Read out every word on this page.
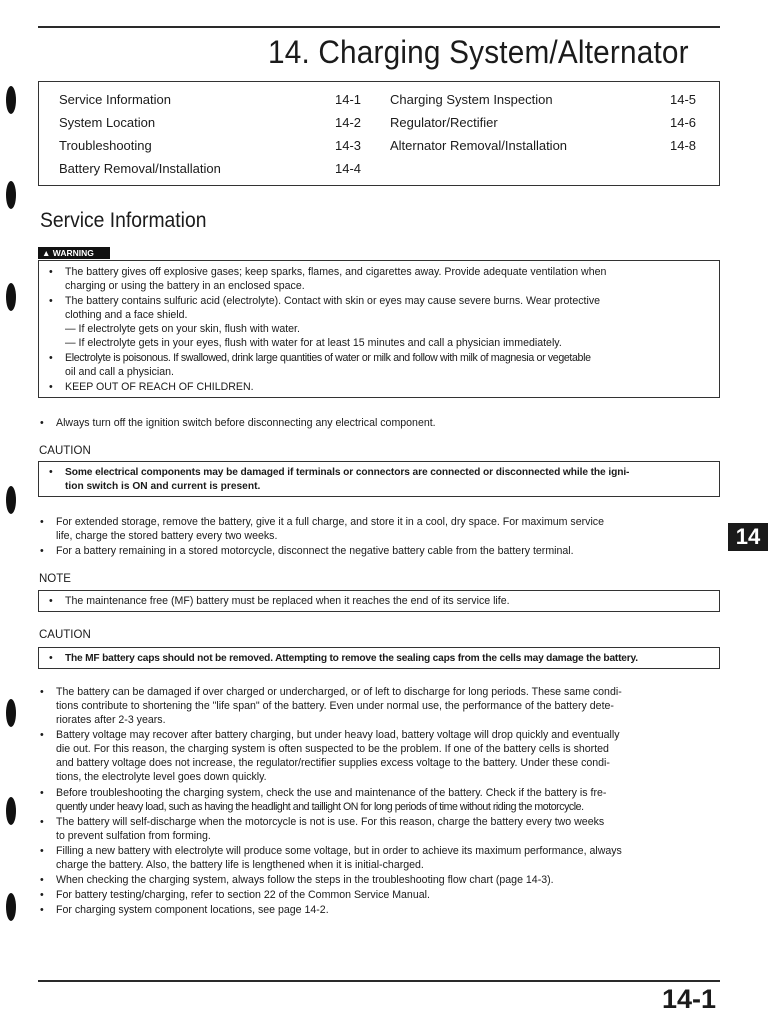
14. Charging System/Alternator
Service Information	14-1
System Location	14-2
Troubleshooting	14-3
Battery Removal/Installation	14-4
Charging System Inspection	14-5
Regulator/Rectifier	14-6
Alternator Removal/Installation	14-8
Service Information
▲ WARNING
• The battery gives off explosive gases; keep sparks, flames, and cigarettes away. Provide adequate ventilation when
charging or using the battery in an enclosed space.
• The battery contains sulfuric acid (electrolyte). Contact with skin or eyes may cause severe burns. Wear protective
clothing and a face shield.
— If electrolyte gets on your skin, flush with water.
— If electrolyte gets in your eyes, flush with water for at least 15 minutes and call a physician immediately.
• Electrolyte is poisonous. If swallowed, drink large quantities of water or milk and follow with milk of magnesia or vegetable
oil and call a physician.
• KEEP OUT OF REACH OF CHILDREN.
• Always turn off the ignition switch before disconnecting any electrical component.
CAUTION
• Some electrical components may be damaged if terminals or connectors are connected or disconnected while the igni-
tion switch is ON and current is present.
• For extended storage, remove the battery, give it a full charge, and store it in a cool, dry space. For maximum service
life, charge the stored battery every two weeks.
• For a battery remaining in a stored motorcycle, disconnect the negative battery cable from the battery terminal.
14
NOTE
• The maintenance free (MF) battery must be replaced when it reaches the end of its service life.
CAUTION
• The MF battery caps should not be removed. Attempting to remove the sealing caps from the cells may damage the battery.
• The battery can be damaged if over charged or undercharged, or of left to discharge for long periods. These same condi-
tions contribute to shortening the "life span" of the battery. Even under normal use, the performance of the battery dete-
riorates after 2-3 years.
• Battery voltage may recover after battery charging, but under heavy load, battery voltage will drop quickly and eventually
die out. For this reason, the charging system is often suspected to be the problem. If one of the battery cells is shorted
and battery voltage does not increase, the regulator/rectifier supplies excess voltage to the battery. Under these condi-
tions, the electrolyte level goes down quickly.
• Before troubleshooting the charging system, check the use and maintenance of the battery. Check if the battery is fre-
quently under heavy load, such as having the headlight and taillight ON for long periods of time without riding the motorcycle.
• The battery will self-discharge when the motorcycle is not is use. For this reason, charge the battery every two weeks
to prevent sulfation from forming.
• Filling a new battery with electrolyte will produce some voltage, but in order to achieve its maximum performance, always
charge the battery. Also, the battery life is lengthened when it is initial-charged.
• When checking the charging system, always follow the steps in the troubleshooting flow chart (page 14-3).
• For battery testing/charging, refer to section 22 of the Common Service Manual.
• For charging system component locations, see page 14-2.
14-1
